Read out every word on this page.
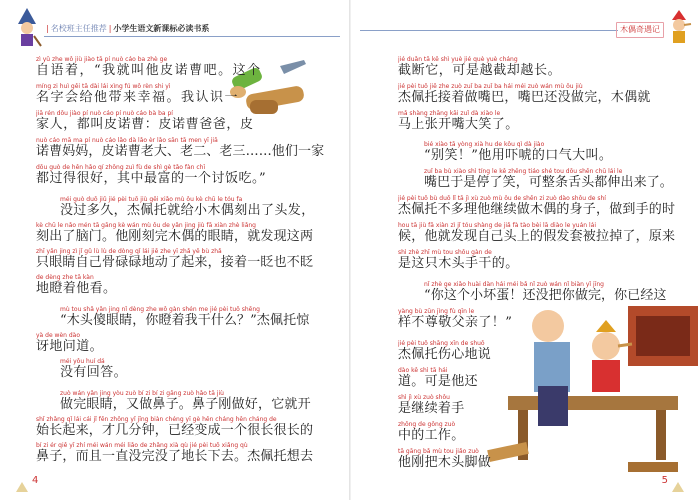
| 名校班主任推荐 | 小学生语文新课标必读书系
zì yǔ zhe wǒ jiù jiào tā pí nuò cáo ba zhè ge
自语着，“我就叫他皮诺曹吧。这个
míng zi huì gěi tā dài lái xìng fú wǒ rèn shi yī
名字会给他带来幸福。我认识一
jiā rén dōu jiào pí nuò cáo pí nuò cáo bà ba pí
家人，都叫皮诺曹：皮诺曹爸爸，皮
nuò cáo mā ma pí nuò cáo lǎo dà lǎo èr lǎo sān tā men yī jiā
诺曹妈妈，皮诺曹老大、老二、老三……他们一家
dōu guò de hěn hǎo qí zhōng zuì fù de shì gè tǎo fàn chī
都过得很好，其中最富的一个讨饭吃。”
méi guò duō jiǔ jié pèi tuō jiù gěi xiǎo mù ǒu kè chū le tóu fa
没过多久，杰佩托就给小木偶刻出了头发，
kè chū le nǎo mén tā gāng kè wán mù ǒu de yǎn jing jiù fā xiàn zhè liǎng
刻出了脑门。他刚刻完木偶的眼睛，就发现这两
zhī yǎn jing zì jǐ gǔ lù lù de dòng qǐ lái jiē zhe yī zhǎ yě bù zhǎ
只眼睛自己骨碌碌地动了起来，接着一眨也不眨
de dèng zhe tā kàn
地瞪着他看。
mù tou shǎ yǎn jing nǐ dèng zhe wǒ gàn shén me jié pèi tuō shēng
“木头傻眼睛，你瞪着我干什么？”杰佩托惊
yà de wèn dào
讶地问道。
méi yǒu huí dá
没有回答。
zuò wán yǎn jing yòu zuò bí zi bí zi gāng zuò hǎo tā jiù
做完眼睛，又做鼻子。鼻子刚做好，它就开
shǐ zhǎng qǐ lái cái jǐ fēn zhōng yǐ jīng biàn chéng yī gè hěn cháng hěn cháng de
始长起来，才几分钟，已经变成一个很长很长的
bí zi ér qiě yī zhí méi wán méi liǎo de zhǎng xià qù jié pèi tuō xiǎng qù
鼻子，而且一直没完没了地长下去。杰佩托想去
4
木偶奇遇记
jié duǎn tā kě shì yuè jié què yuè cháng
截断它，可是越截却越长。
jié pèi tuō jiē zhe zuò zuǐ ba zuǐ ba hái méi zuò wán mù ǒu jiù
杰佩托接着做嘴巴，嘴巴还没做完，木偶就
mǎ shàng zhāng kāi zuǐ dà xiào le
马上张开嘴大笑了。
bié xiào tā yòng xià hu de kǒu qì dà jiào
“别笑！”他用吓唬的口气大叫。
zuǐ ba bù xiào shì tíng le kě zhěng tiáo shé tou dōu shēn chū lái le
嘴巴于是停了笑，可整条舌头都伸出来了。
jié pèi tuō bù duō lǐ tā jì xù zuò mù ǒu de shēn zi zuò dào shǒu de shí
杰佩托不多理他继续做木偶的身子，做到手的时
hou tā jiù fā xiàn zì jǐ tóu shàng de jiǎ fà tào bèi lā diào le yuán lái
候，他就发现自己头上的假发套被拉掉了，原来
shì zhè zhī mù tou shǒu gàn de
是这只木头手干的。
nǐ zhè ge xiǎo huài dàn hái méi bǎ nǐ zuò wán nǐ biàn yǐ jīng
“你这个小坏蛋！还没把你做完，你已经这
yàng bù zūn jìng fù qīn le
样不尊敬父亲了！”
jié pèi tuō shāng xīn de shuō
杰佩托伤心地说
dào kě shì tā hái
道。可是他还
shì jì xù zuò shǒu
是继续着手
zhōng de gōng zuò
中的工作。
tā gāng bǎ mù tou jiǎo zuò
他刚把木头脚做
5
